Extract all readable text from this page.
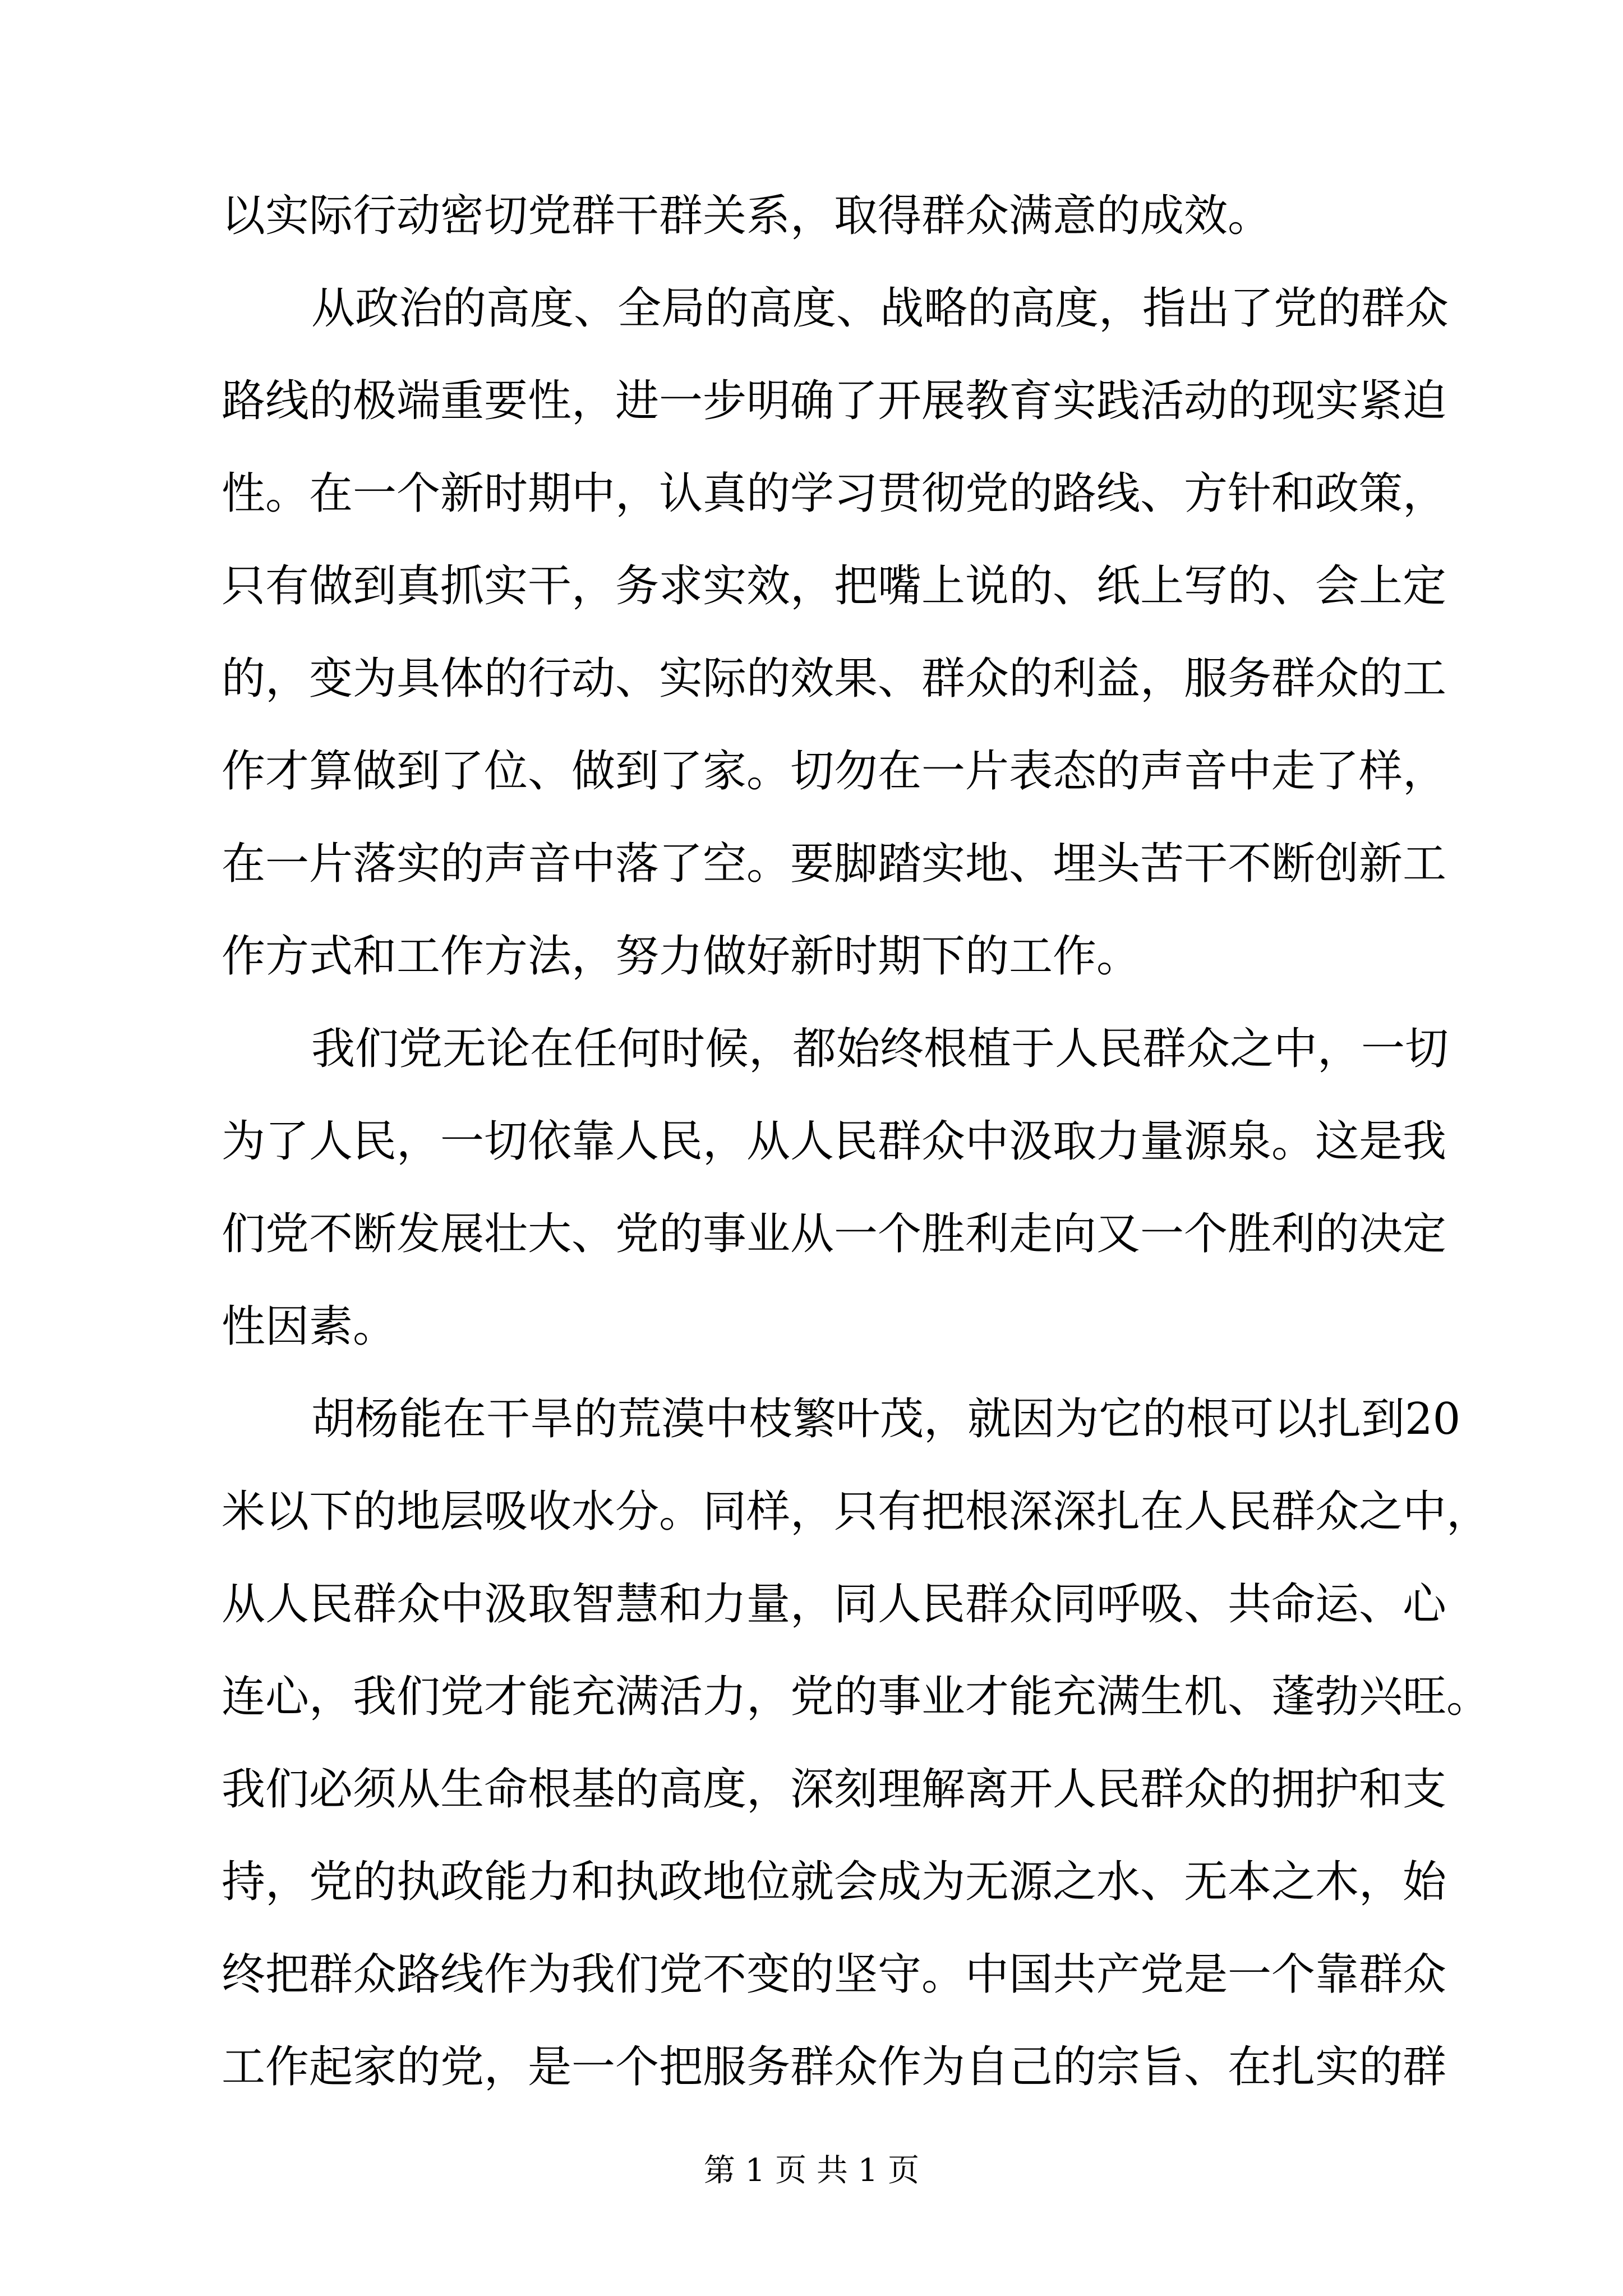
以实际行动密切党群干群关系，取得群众满意的成效。
从政治的高度、全局的高度、战略的高度，指出了党的群众
路线的极端重要性，进一步明确了开展教育实践活动的现实紧迫
性。在一个新时期中，认真的学习贯彻党的路线、方针和政策，
只有做到真抓实干，务求实效，把嘴上说的、纸上写的、会上定
的，变为具体的行动、实际的效果、群众的利益，服务群众的工
作才算做到了位、做到了家。切勿在一片表态的声音中走了样，
在一片落实的声音中落了空。要脚踏实地、埋头苦干不断创新工
作方式和工作方法，努力做好新时期下的工作。
我们党无论在任何时候，都始终根植于人民群众之中，一切
为了人民，一切依靠人民，从人民群众中汲取力量源泉。这是我
们党不断发展壮大、党的事业从一个胜利走向又一个胜利的决定
性因素。
胡杨能在干旱的荒漠中枝繁叶茂，就因为它的根可以扎到20
米以下的地层吸收水分。同样，只有把根深深扎在人民群众之中，
从人民群众中汲取智慧和力量，同人民群众同呼吸、共命运、心
连心，我们党才能充满活力，党的事业才能充满生机、蓬勃兴旺。
我们必须从生命根基的高度，深刻理解离开人民群众的拥护和支
持，党的执政能力和执政地位就会成为无源之水、无本之木，始
终把群众路线作为我们党不变的坚守。中国共产党是一个靠群众
工作起家的党，是一个把服务群众作为自己的宗旨、在扎实的群
第 1 页 共 1 页
